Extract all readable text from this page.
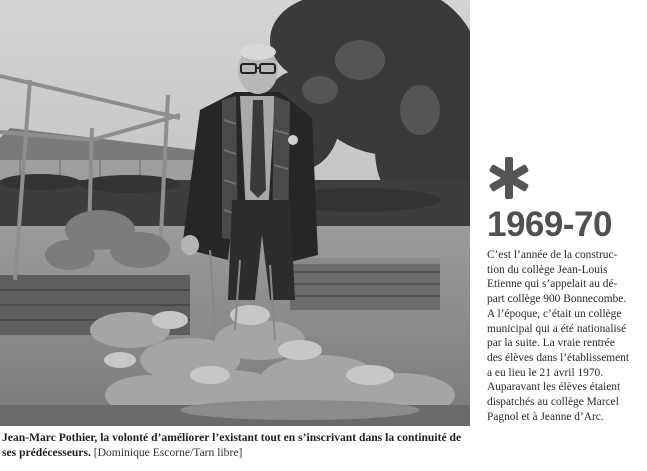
Jean-Marc Pothier, la volonté d’améliorer l’existant tout en s’inscrivant dans la continuité de ses prédécesseurs. [Dominique Escorne/Tarn libre]
1969-70
C’est l’année de la construc-
tion du collège Jean-Louis
Etienne qui s’appelait au dé-
part collège 900 Bonnecombe.
A l’époque, c’était un collège
municipal qui a été nationalisé
par la suite. La vraie rentrée
des élèves dans l’établissement
a eu lieu le 21 avril 1970.
Auparavant les élèves étaient
dispatchés au collège Marcel
Pagnol et à Jeanne d’Arc.
